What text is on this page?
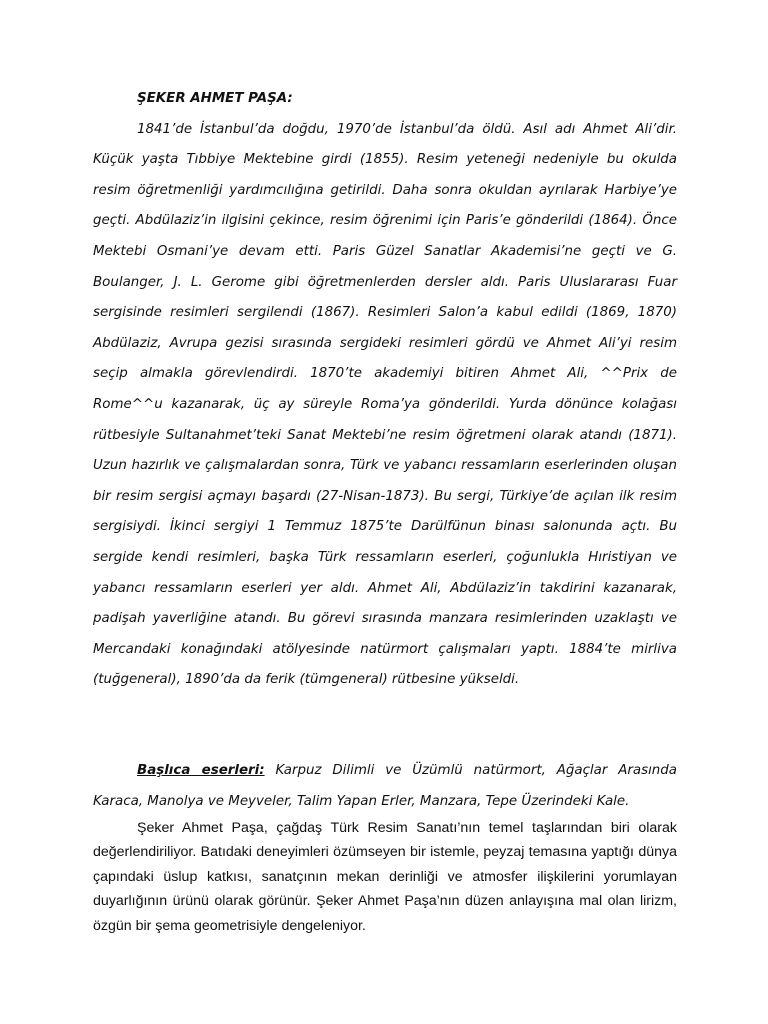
ŞEKER AHMET PAŞA:

1841’de İstanbul’da doğdu, 1970’de İstanbul’da öldü. Asıl adı Ahmet Ali’dir. Küçük yaşta Tıbbiye Mektebine girdi (1855). Resim yeteneği nedeniyle bu okulda resim öğretmenliği yardımcılığına getirildi. Daha sonra okuldan ayrılarak Harbiye’ye geçti. Abdülaziz’in ilgisini çekince, resim öğrenimi için Paris’e gönderildi (1864). Önce Mektebi Osmani’ye devam etti. Paris Güzel Sanatlar Akademisi’ne geçti ve G. Boulanger, J. L. Gerome gibi öğretmenlerden dersler aldı. Paris Uluslararası Fuar sergisinde resimleri sergilendi (1867). Resimleri Salon’a kabul edildi (1869, 1870) Abdülaziz, Avrupa gezisi sırasında sergideki resimleri gördü ve Ahmet Ali’yi resim seçip almakla görevlendirdi. 1870’te akademiyi bitiren Ahmet Ali, ^^Prix de Rome^^u kazanarak, üç ay süreyle Roma’ya gönderildi. Yurda dönünce kolağası rütbesiyle Sultanahmet’teki Sanat Mektebi’ne resim öğretmeni olarak atandı (1871). Uzun hazırlık ve çalışmalardan sonra, Türk ve yabancı ressamların eserlerinden oluşan bir resim sergisi açmayı başardı (27-Nisan-1873). Bu sergi, Türkiye’de açılan ilk resim sergisiydi. İkinci sergiyi 1 Temmuz 1875’te Darülfünun binası salonunda açtı. Bu sergide kendi resimleri, başka Türk ressamların eserleri, çoğunlukla Hıristiyan ve yabancı ressamların eserleri yer aldı. Ahmet Ali, Abdülaziz’in takdirini kazanarak, padişah yaverliğine atandı. Bu görevi sırasında manzara resimlerinden uzaklaştı ve Mercandaki konağındaki atölyesinde natürmort çalışmaları yaptı. 1884’te mirliva (tuğgeneral), 1890’da da ferik (tümgeneral) rütbesine yükseldi.

Başlıca eserleri: Karpuz Dilimli ve Üzümlü natürmort, Ağaçlar Arasında Karaca, Manolya ve Meyveler, Talim Yapan Erler, Manzara, Tepe Üzerindeki Kale.

Şeker Ahmet Paşa, çağdaş Türk Resim Sanatı’nın temel taşlarından biri olarak değerlendiriliyor. Batıdaki deneyimleri özümseyen bir istemle, peyzaj temasına yaptığı dünya çapındaki üslup katkısı, sanatçının mekan derinliği ve atmosfer ilişkilerini yorumlayan duyarlığının ürünü olarak görünür. Şeker Ahmet Paşa’nın düzen anlayışına mal olan lirizm, özgün bir şema geometrisiyle dengeleniyor.
